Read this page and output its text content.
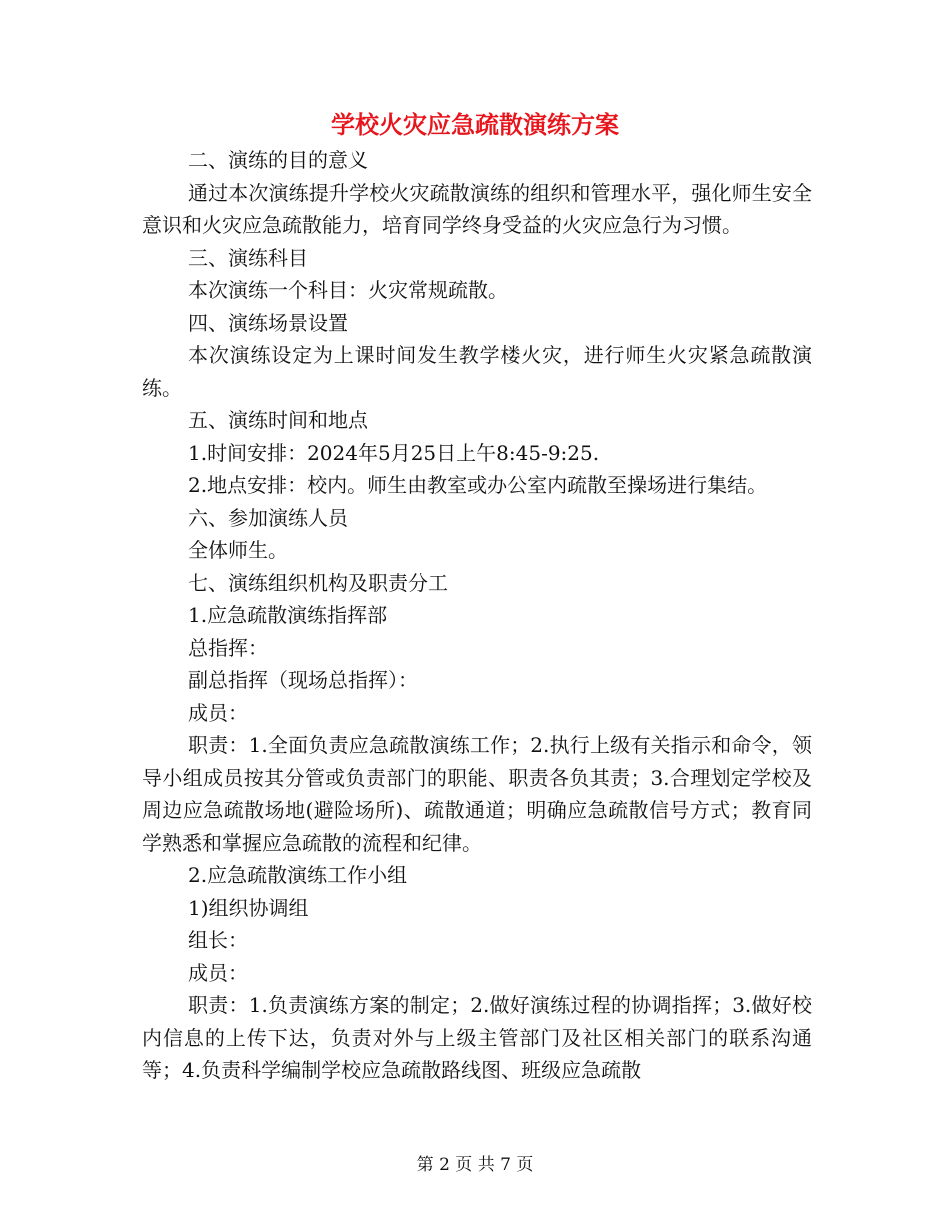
学校火灾应急疏散演练方案

二、演练的目的意义

通过本次演练提升学校火灾疏散演练的组织和管理水平，强化师生安全意识和火灾应急疏散能力，培育同学终身受益的火灾应急行为习惯。

三、演练科目

本次演练一个科目：火灾常规疏散。

四、演练场景设置

本次演练设定为上课时间发生教学楼火灾，进行师生火灾紧急疏散演练。

五、演练时间和地点

1.时间安排：2024年5月25日上午8:45-9:25.

2.地点安排：校内。师生由教室或办公室内疏散至操场进行集结。

六、参加演练人员

全体师生。

七、演练组织机构及职责分工

1.应急疏散演练指挥部

总指挥：

副总指挥（现场总指挥）：

成员：

职责：1.全面负责应急疏散演练工作；2.执行上级有关指示和命令，领导小组成员按其分管或负责部门的职能、职责各负其责；3.合理划定学校及周边应急疏散场地(避险场所)、疏散通道；明确应急疏散信号方式；教育同学熟悉和掌握应急疏散的流程和纪律。

2.应急疏散演练工作小组

1)组织协调组

组长：

成员：

职责：1.负责演练方案的制定；2.做好演练过程的协调指挥；3.做好校内信息的上传下达，负责对外与上级主管部门及社区相关部门的联系沟通等；4.负责科学编制学校应急疏散路线图、班级应急疏散

第 2 页 共 7 页
